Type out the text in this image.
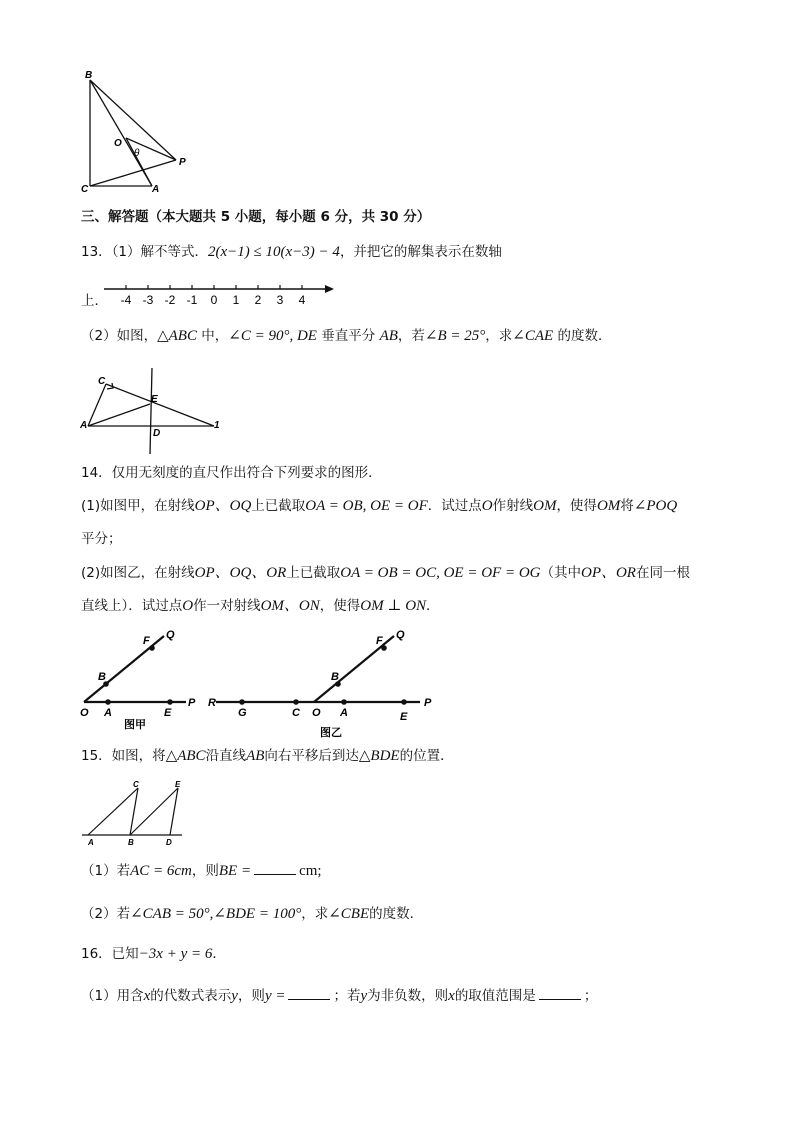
B
O
θ
P
C	A
三、解答题（本大题共 5 小题，每小题 6 分，共 30 分）
13．（1）解不等式．2(x−1) ≤ 10(x−3) − 4，并把它的解集表示在数轴
上． -4 -3 -2 -1 0 1 2 3 4
（2）如图，△ABC 中，∠C = 90°, DE 垂直平分 AB，若∠B = 25°，求∠CAE 的度数．
C
E
A
D
1
14．仅用无刻度的直尺作出符合下列要求的图形．
(1)如图甲，在射线OP、OQ上已截取OA = OB, OE = OF．试过点O作射线OM，使得OM将∠POQ
平分；
(2)如图乙，在射线OP、OQ、OR上已截取OA = OB = OC, OE = OF = OG（其中OP、OR在同一根
直线上）．试过点O作一对射线OM、ON，使得OM ⊥ ON．
Q
F
B
O A	E
P R
G	C O A	E
P
B
F Q
图甲
图乙
15．如图，将△ABC沿直线AB向右平移后到达△BDE的位置．
C	E
A	B	D
（1）若AC = 6cm，则BE =	cm;
（2）若∠CAB = 50°,∠BDE = 100°，求∠CBE的度数．
16．已知−3x + y = 6．
（1）用含x的代数式表示y，则y =	；若y为非负数，则x的取值范围是	；
